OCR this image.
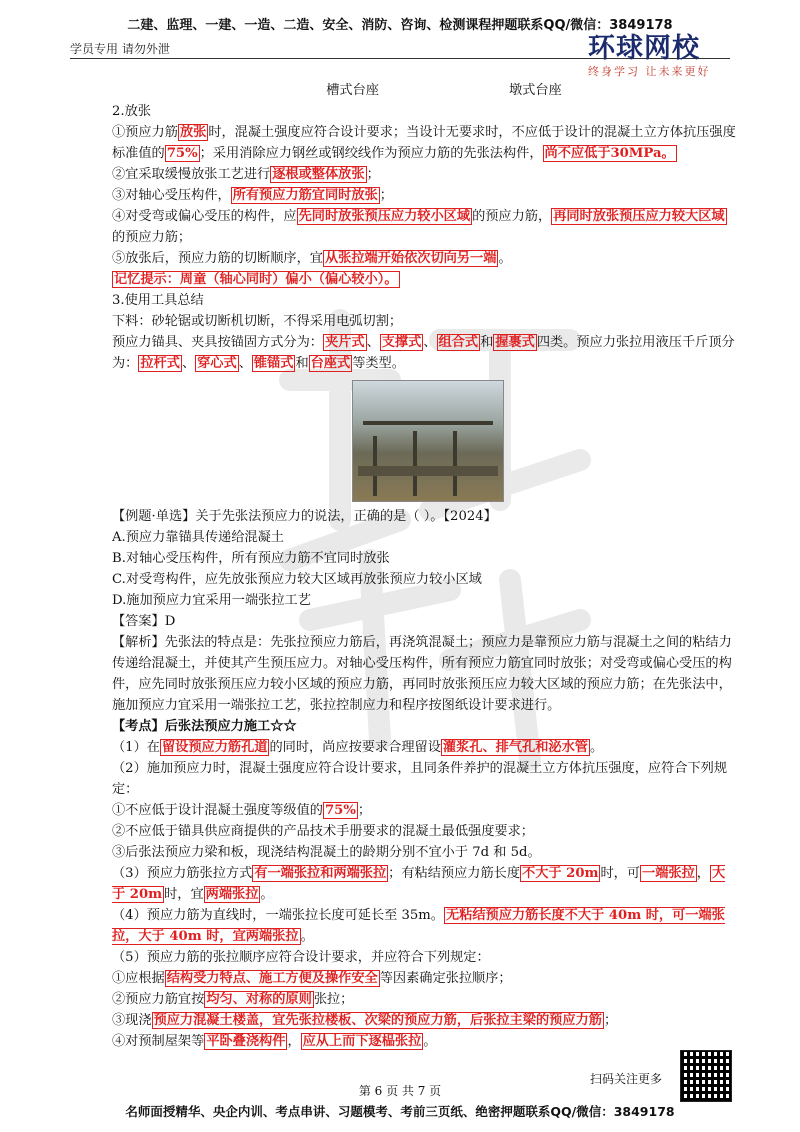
二建、监理、一建、一造、二造、安全、消防、咨询、检测课程押题联系QQ/微信：3849178
学员专用 请勿外泄	环球网校
终身学习 让未来更好
槽式台座	墩式台座

2.放张

①预应力筋 放张 时，混凝土强度应符合设计要求；当设计无要求时，不应低于设计的混凝土立方体抗压强度标准值的 75% ；采用消除应力钢丝或钢绞线作为预应力筋的先张法构件， 尚不应低于30MPa。

②宜采取缓慢放张工艺进行 逐根或整体放张 ；

③对轴心受压构件， 所有预应力筋宜同时放张 ；

④对受弯或偏心受压的构件，应 先同时放张预压应力较小区域 的预应力筋， 再同时放张预压应力较大区域的预应力筋；

⑤放张后，预应力筋的切断顺序，宜 从张拉端开始依次切向另一端 。

记忆提示：周童（轴心同时）偏小（偏心较小）。

3.使用工具总结

下料：砂轮锯或切断机切断，不得采用电弧切割；

预应力锚具、夹具按锚固方式分为： 夹片式 、 支撑式 、 组合式 和 握裹式 四类。预应力张拉用液压千斤顶分为： 拉杆式 、 穿心式 、 锥锚式 和 台座式 等类型。

【例题·单选】关于先张法预应力的说法，正确的是（ ）。【2024】

A.预应力靠锚具传递给混凝土

B.对轴心受压构件，所有预应力筋不宜同时放张

C.对受弯构件，应先放张预应力较大区域再放张预应力较小区域

D.施加预应力宜采用一端张拉工艺

【答案】D

【解析】先张法的特点是：先张拉预应力筋后，再浇筑混凝土；预应力是靠预应力筋与混凝土之间的粘结力传递给混凝土，并使其产生预压应力。对轴心受压构件，所有预应力筋宜同时放张；对受弯或偏心受压的构件，应先同时放张预压应力较小区域的预应力筋，再同时放张预压应力较大区域的预应力筋；在先张法中，施加预应力宜采用一端张拉工艺，张拉控制应力和程序按图纸设计要求进行。

【考点】后张法预应力施工☆☆

（1）在 留设预应力筋孔道 的同时，尚应按要求合理留设 灌浆孔、排气孔和泌水管 。

（2）施加预应力时，混凝土强度应符合设计要求，且同条件养护的混凝土立方体抗压强度，应符合下列规定：

①不应低于设计混凝土强度等级值的 75% ；

②不应低于锚具供应商提供的产品技术手册要求的混凝土最低强度要求；

③后张法预应力梁和板，现浇结构混凝土的龄期分别不宜小于 7d 和 5d。

（3）预应力筋张拉方式 有一端张拉和两端张拉 ；有粘结预应力筋长度 不大于 20m 时，可 一端张拉 ， 大于 20m 时，宜 两端张拉 。

（4）预应力筋为直线时，一端张拉长度可延长至 35m。 无粘结预应力筋长度不大于 40m 时，可一端张拉，大于 40m 时，宜两端张拉 。

（5）预应力筋的张拉顺序应符合设计要求，并应符合下列规定：

①应根据 结构受力特点、施工方便及操作安全 等因素确定张拉顺序；

②预应力筋宜按 均匀、对称的原则 张拉；

③现浇 预应力混凝土楼盖，宜先张拉楼板、次梁的预应力筋，后张拉主梁的预应力筋 ；

④对预制屋架等 平卧叠浇构件 ， 应从上而下逐榀张拉 。

扫码关注更多
第 6 页 共 7 页
名师面授精华、央企内训、考点串讲、习题模考、考前三页纸、绝密押题联系QQ/微信：3849178
